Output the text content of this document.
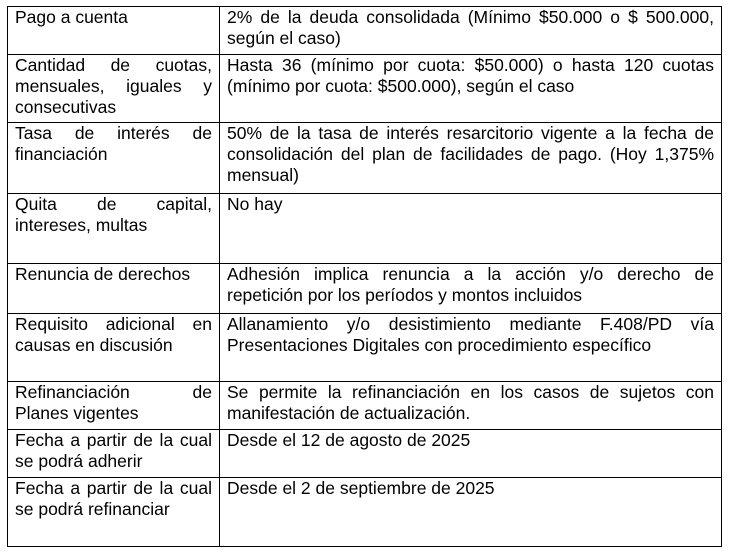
Pago a cuenta	2% de la deuda consolidada (Mínimo $50.000 o $ 500.000, según el caso)
Cantidad de cuotas, mensuales, iguales y consecutivas	Hasta 36 (mínimo por cuota: $50.000) o hasta 120 cuotas (mínimo por cuota: $500.000), según el caso
Tasa de interés de financiación	50% de la tasa de interés resarcitorio vigente a la fecha de consolidación del plan de facilidades de pago. (Hoy 1,375% mensual)
Quita de capital, intereses, multas	No hay
Renuncia de derechos	Adhesión implica renuncia a la acción y/o derecho de repetición por los períodos y montos incluidos
Requisito adicional en causas en discusión	Allanamiento y/o desistimiento mediante F.408/PD vía Presentaciones Digitales con procedimiento específico
Refinanciación de Planes vigentes	Se permite la refinanciación en los casos de sujetos con manifestación de actualización.
Fecha a partir de la cual se podrá adherir	Desde el 12 de agosto de 2025
Fecha a partir de la cual se podrá refinanciar	Desde el 2 de septiembre de 2025
